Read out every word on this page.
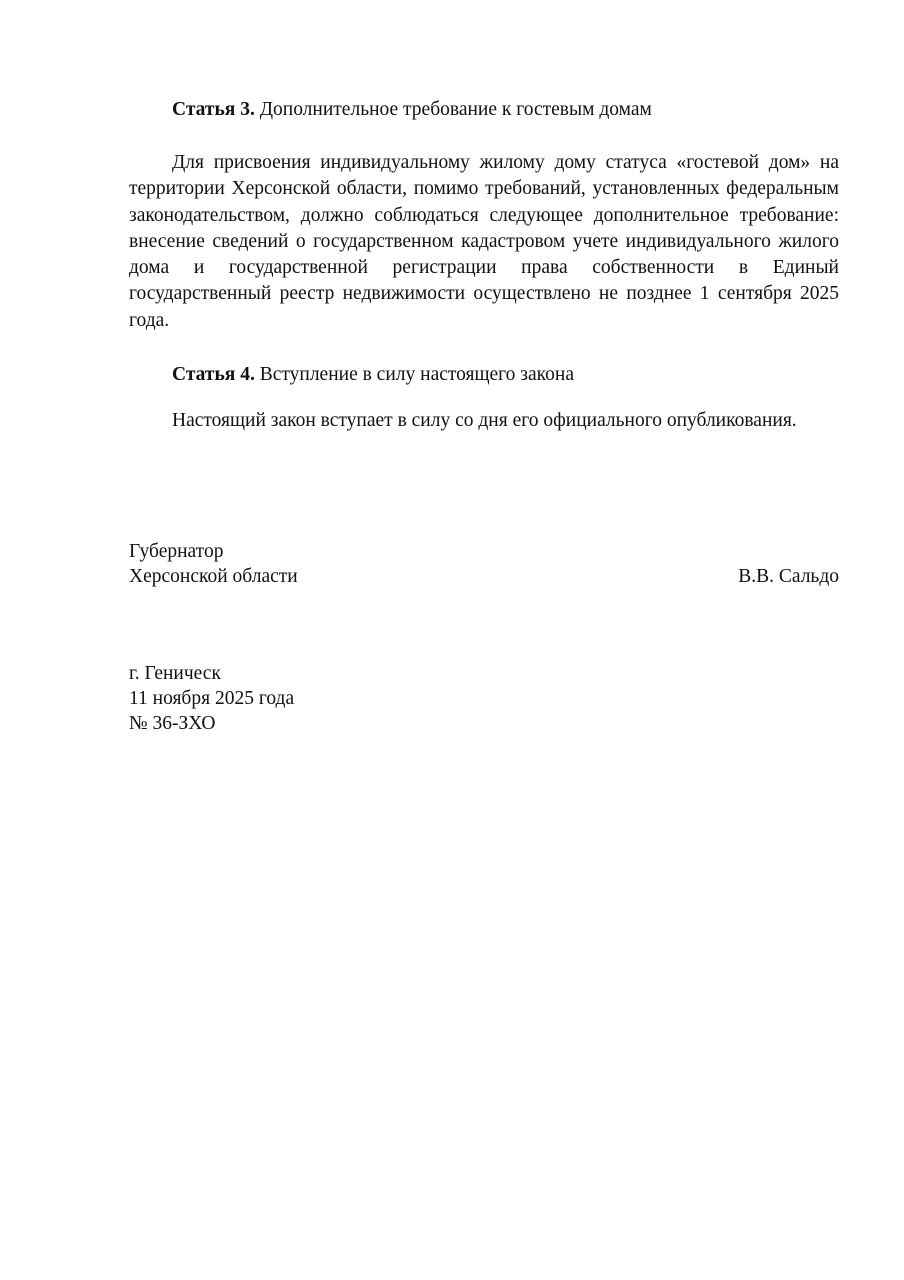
Статья 3. Дополнительное требование к гостевым домам
Для присвоения индивидуальному жилому дому статуса «гостевой дом» на территории Херсонской области, помимо требований, установленных федеральным законодательством, должно соблюдаться следующее дополнительное требование: внесение сведений о государственном кадастровом учете индивидуального жилого дома и государственной регистрации права собственности в Единый государственный реестр недвижимости осуществлено не позднее 1 сентября 2025 года.
Статья 4. Вступление в силу настоящего закона
Настоящий закон вступает в силу со дня его официального опубликования.
Губернатор
Херсонской области	В.В. Сальдо
г. Геническ
11 ноября 2025 года
№ 36-ЗХО
